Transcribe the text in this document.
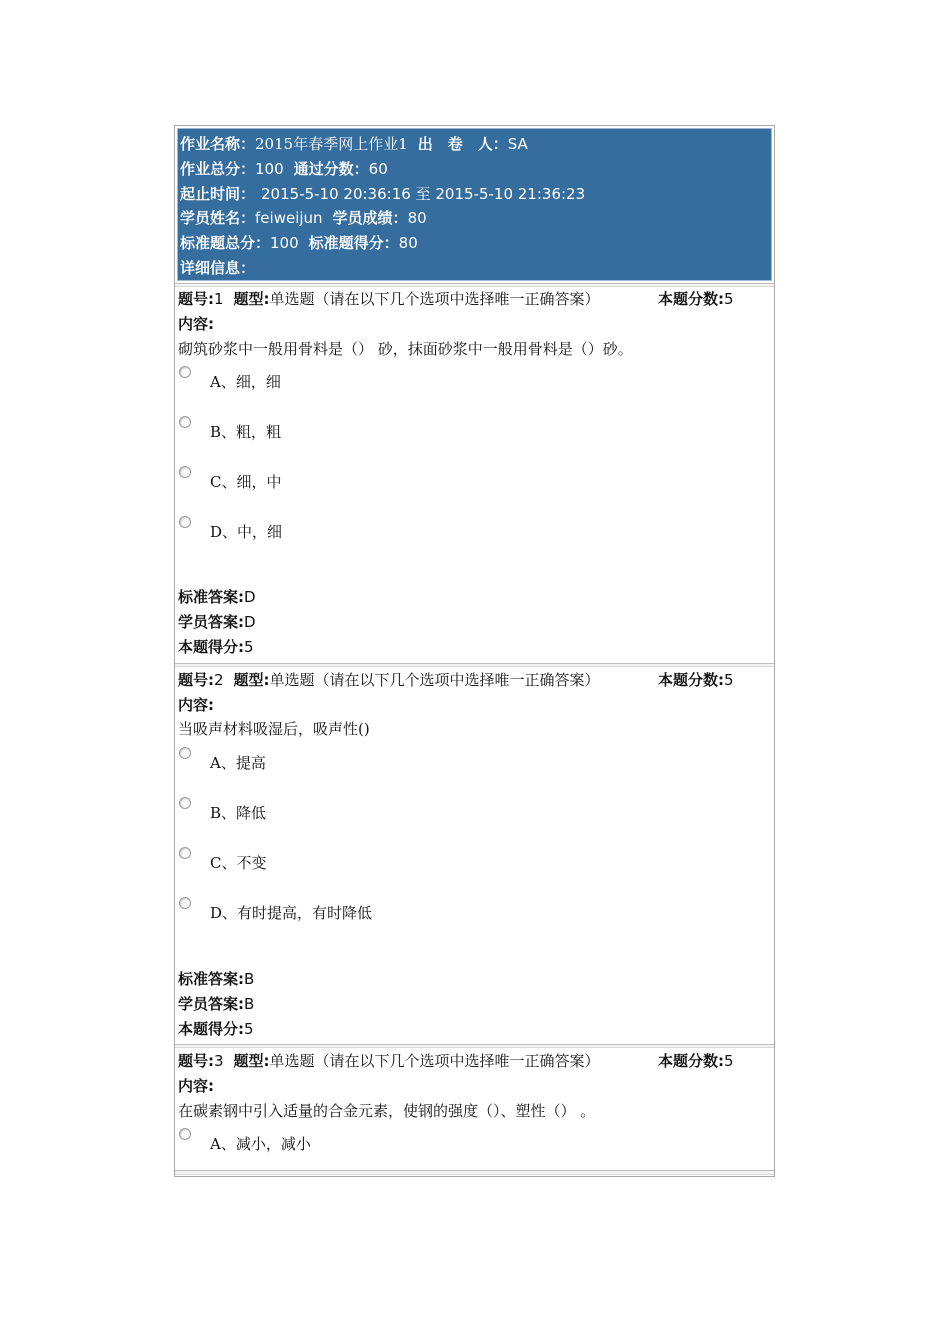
作业名称：2015年春季网上作业1 出　卷　人：SA
作业总分：100 通过分数：60
起止时间： 2015-5-10 20:36:16 至 2015-5-10 21:36:23
学员姓名：feiweijun 学员成绩：80
标准题总分：100 标准题得分：80
详细信息：
题号:1 题型:单选题（请在以下几个选项中选择唯一正确答案）	本题分数:5
内容:
砌筑砂浆中一般用骨料是（） 砂，抹面砂浆中一般用骨料是（）砂。
A、细，细
B、粗，粗
C、细，中
D、中，细
标准答案:D
学员答案:D
本题得分:5
题号:2 题型:单选题（请在以下几个选项中选择唯一正确答案）	本题分数:5
内容:
当吸声材料吸湿后，吸声性()
A、提高
B、降低
C、不变
D、有时提高，有时降低
标准答案:B
学员答案:B
本题得分:5
题号:3 题型:单选题（请在以下几个选项中选择唯一正确答案）	本题分数:5
内容:
在碳素钢中引入适量的合金元素，使钢的强度（）、塑性（） 。
A、减小，减小
